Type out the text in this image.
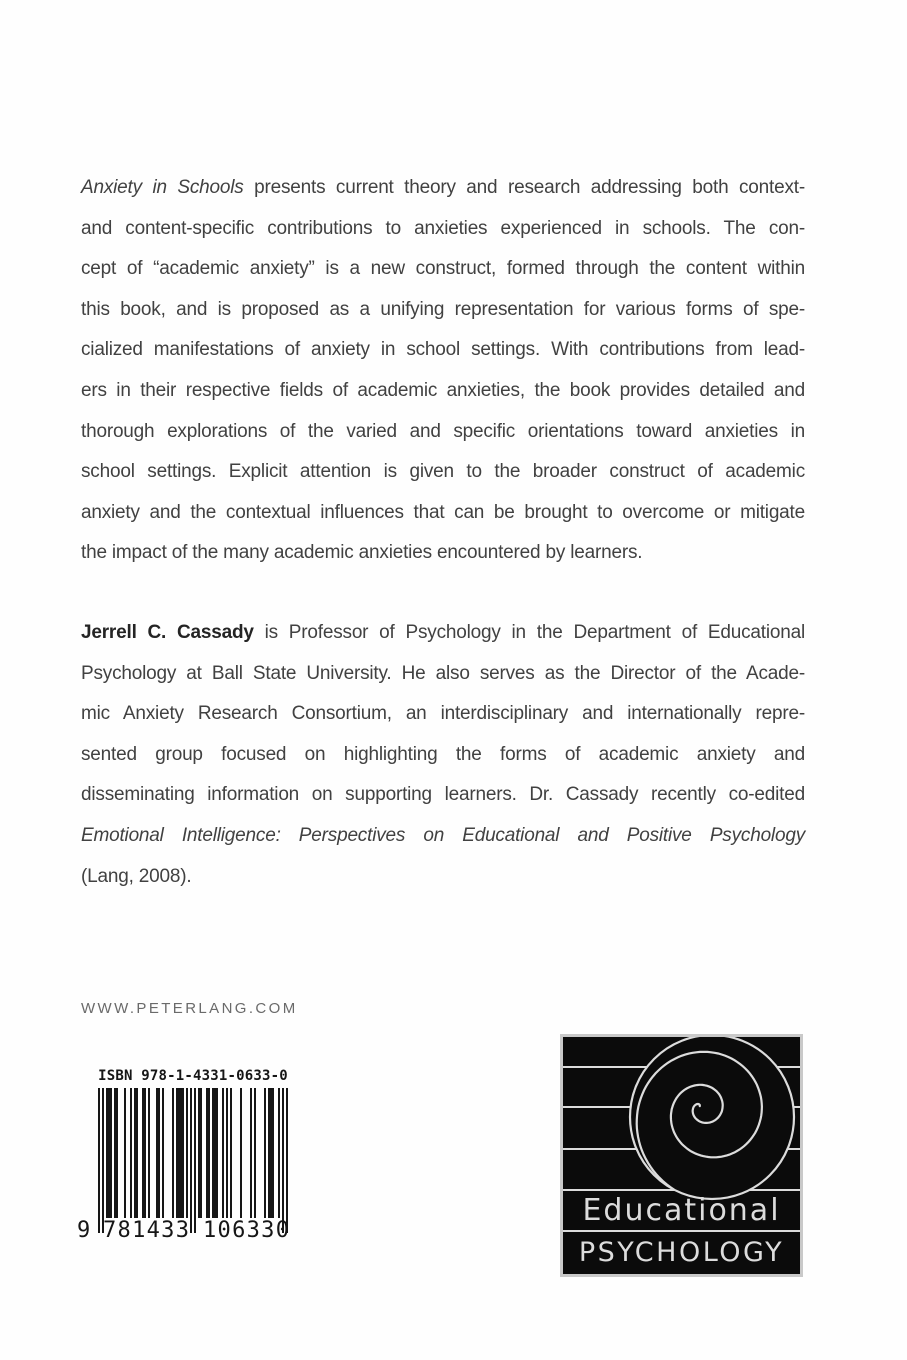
Anxiety in Schools presents current theory and research addressing both context-
and content-specific contributions to anxieties experienced in schools. The con-
cept of “academic anxiety” is a new construct, formed through the content within
this book, and is proposed as a unifying representation for various forms of spe-
cialized manifestations of anxiety in school settings. With contributions from lead-
ers in their respective fields of academic anxieties, the book provides detailed and
thorough explorations of the varied and specific orientations toward anxieties in
school settings. Explicit attention is given to the broader construct of academic
anxiety and the contextual influences that can be brought to overcome or mitigate
the impact of the many academic anxieties encountered by learners.
Jerrell C. Cassady is Professor of Psychology in the Department of Educational
Psychology at Ball State University. He also serves as the Director of the Acade-
mic Anxiety Research Consortium, an interdisciplinary and internationally repre-
sented group focused on highlighting the forms of academic anxiety and
disseminating information on supporting learners. Dr. Cassady recently co-edited
Emotional Intelligence: Perspectives on Educational and Positive Psychology
(Lang, 2008).
WWW.PETERLANG.COM
ISBN 978-1-4331-0633-0
9 781433 106330
Educational
PSYCHOLOGY
